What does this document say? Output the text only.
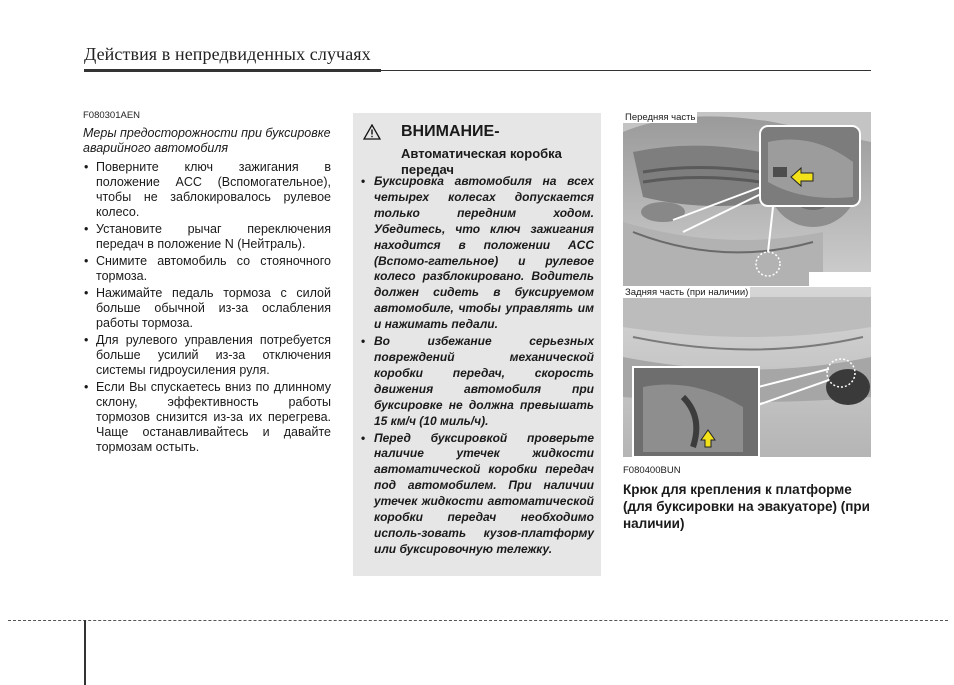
Действия в непредвиденных случаях
F080301AEN
Меры предосторожности при буксировке аварийного автомобиля
• Поверните ключ зажигания в положение ACC (Вспомогательное), чтобы не заблокировалось рулевое колесо.
• Установите рычаг переключения передач в положение N (Нейтраль).
• Снимите автомобиль со стояночного тормоза.
• Нажимайте педаль тормоза с силой больше обычной из-за ослабления работы тормоза.
• Для рулевого управления потребуется больше усилий из-за отключения системы гидроусиления руля.
• Если Вы спускаетесь вниз по длинному склону, эффективность работы тормозов снизится из-за их перегрева. Чаще останавливайтесь и давайте тормозам остыть.
ВНИМАНИЕ-
Автоматическая коробка передач
• Буксировка автомобиля на всех четырех колесах допускается только передним ходом. Убедитесь, что ключ зажигания находится в положении ACC (Вспомо-гательное) и рулевое колесо разблокировано. Водитель должен сидеть в буксируемом автомобиле, чтобы управлять им и нажимать педали.
• Во избежание серьезных повреждений механической коробки передач, скорость движения автомобиля при буксировке не должна превышать 15 км/ч (10 миль/ч).
• Перед буксировкой проверьте наличие утечек жидкости автоматической коробки передач под автомобилем. При наличии утечек жидкости автоматической коробки передач необходимо исполь-зовать кузов-платформу или буксировочную тележку.
Передняя часть
Задняя часть (при наличии)
F080400BUN
Крюк для крепления к платформе (для буксировки на эвакуаторе) (при наличии)
